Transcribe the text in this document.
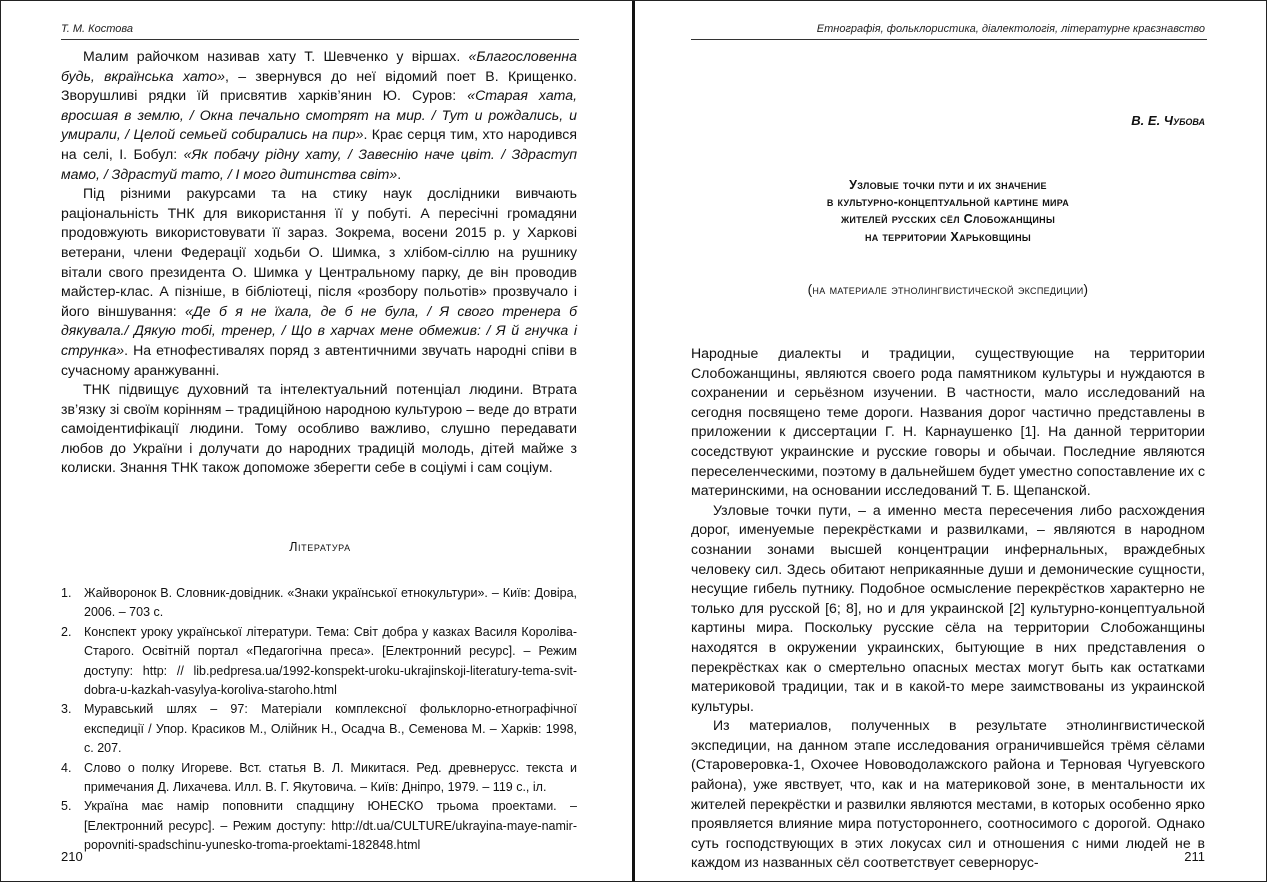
Т. М. Костова

Малим райочком називав хату Т. Шевченко у віршах. «Благословенна будь, вкраїнська хато», – звернувся до неї відомий поет В. Крищенко. Зворушливі рядки їй присвятив харків’янин Ю. Суров: «Старая хата, вросшая в землю, / Окна печально смотрят на мир. / Тут и рождались, и умирали, / Целой семьей собирались на пир». Крає серця тим, хто народився на селі, І. Бобул: «Як побачу рідну хату, / Завеснію наче цвіт. / Здраступ мамо, / Здрастуй тато, / І могo дитинства світ».

Під різними ракурсами та на стику наук дослідники вивчають раціональність ТНК для використання її у побуті. А пересічні громадяни продовжують використовувати її зараз. Зокрема, восени 2015 р. у Харкові ветерани, члени Федерації ходьби О. Шимка, з хлібом-сіллю на рушнику вітали свого президента О. Шимка у Центральному парку, де він проводив майстер-клас. А пізніше, в бібліотеці, після «розбору польотів» прозвучало і його віншування: «Де б я не їхала, де б не була, / Я свого тренера б дякувала./ Дякую тобі, тренер, / Що в харчах мене обмежив: / Я й гнучка і струнка». На етнофестивалях поряд з автентичними звучать народні співи в сучасному аранжуванні.

ТНК підвищує духовний та інтелектуальний потенціал людини. Втрата зв’язку зі своїм корінням – традиційною народною культурою – веде до втрати самоідентифікації людини. Тому особливо важливо, слушно передавати любов до України і долучати до народних традицій молодь, дітей майже з колиски. Знання ТНК також допоможе зберегти себе в соціумі і сам соціум.

Література
1. Жайворонок В. Словник-довідник. «Знаки української етнокультури». – Київ: Довіра, 2006. – 703 с.
2. Конспект уроку української літератури. Тема: Світ добра у казках Василя Короліва-Старого. Освітній портал «Педагогічна преса». [Електронний ресурс]. – Режим доступу: http: // lib.pedpresa.ua/1992-konspekt-uroku-ukrajinskoji-literatury-tema-svit-dobra-u-kazkah-vasylya-koroliva-staroho.html
3. Муравський шлях – 97: Матеріали комплексної фольклорно-етнографічної експедиції / Упор. Красиков М., Олійник Н., Осадча В., Семенова М. – Харків: 1998, с. 207.
4. Слово о полку Игореве. Вст. статья В. Л. Микитася. Ред. древнерусс. текста и примечания Д. Лихачева. Илл. В. Г. Якутовича. – Київ: Дніпро, 1979. – 119 с., іл.
5. Україна має намір поповнити спадщину ЮНЕСКО трьома проектами. – [Електронний ресурс]. – Режим доступу: http://dt.ua/CULTURE/ukrayina-maye-namir-popovniti-spadschinu-yunesko-troma-proektami-182848.html
210
Етнографія, фольклористика, діалектологія, літературне краєзнавство
В. Е. Чубова
Узловые точки пути и их значение
в культурно-концептуальной картине мира
жителей русских сёл Слобожанщины
на территории Харьковщины
(на материале этнолингвистической экспедиции)

Народные диалекты и традиции, существующие на территории Слобожанщины, являются своего рода памятником культуры и нуждаются в сохранении и серьёзном изучении. В частности, мало исследований на сегодня посвящено теме дороги. Названия дорог частично представлены в приложении к диссертации Г. Н. Карнаушенко [1]. На данной территории соседствуют украинские и русские говоры и обычаи. Последние являются переселенческими, поэтому в дальнейшем будет уместно сопоставление их с материнскими, на основании исследований Т. Б. Щепанской.

Узловые точки пути, – а именно места пересечения либо расхождения дорог, именуемые перекрёстками и развилками, – являются в народном сознании зонами высшей концентрации инфернальных, враждебных человеку сил. Здесь обитают неприкаянные души и демонические сущности, несущие гибель путнику. Подобное осмысление перекрёстков характерно не только для русской [6; 8], но и для украинской [2] культурно-концептуальной картины мира. Поскольку русские сёла на территории Слобожанщины находятся в окружении украинских, бытующие в них представления о перекрёстках как о смертельно опасных местах могут быть как остатками материковой традиции, так и в какой-то мере заимствованы из украинской культуры.

Из материалов, полученных в результате этнолингвистической экспедиции, на данном этапе исследования ограничившейся трёмя сёлами (Староверовка-1, Охочее Нововодолажского района и Терновая Чугуевского района), уже явствует, что, как и на материковой зоне, в ментальности их жителей перекрёстки и развилки являются местами, в которых особенно ярко проявляется влияние мира потустороннего, соотносимого с дорогой. Однако суть господствующих в этих локусах сил и отношения с ними людей не в каждом из названных сёл соответствует севернорус-	211
